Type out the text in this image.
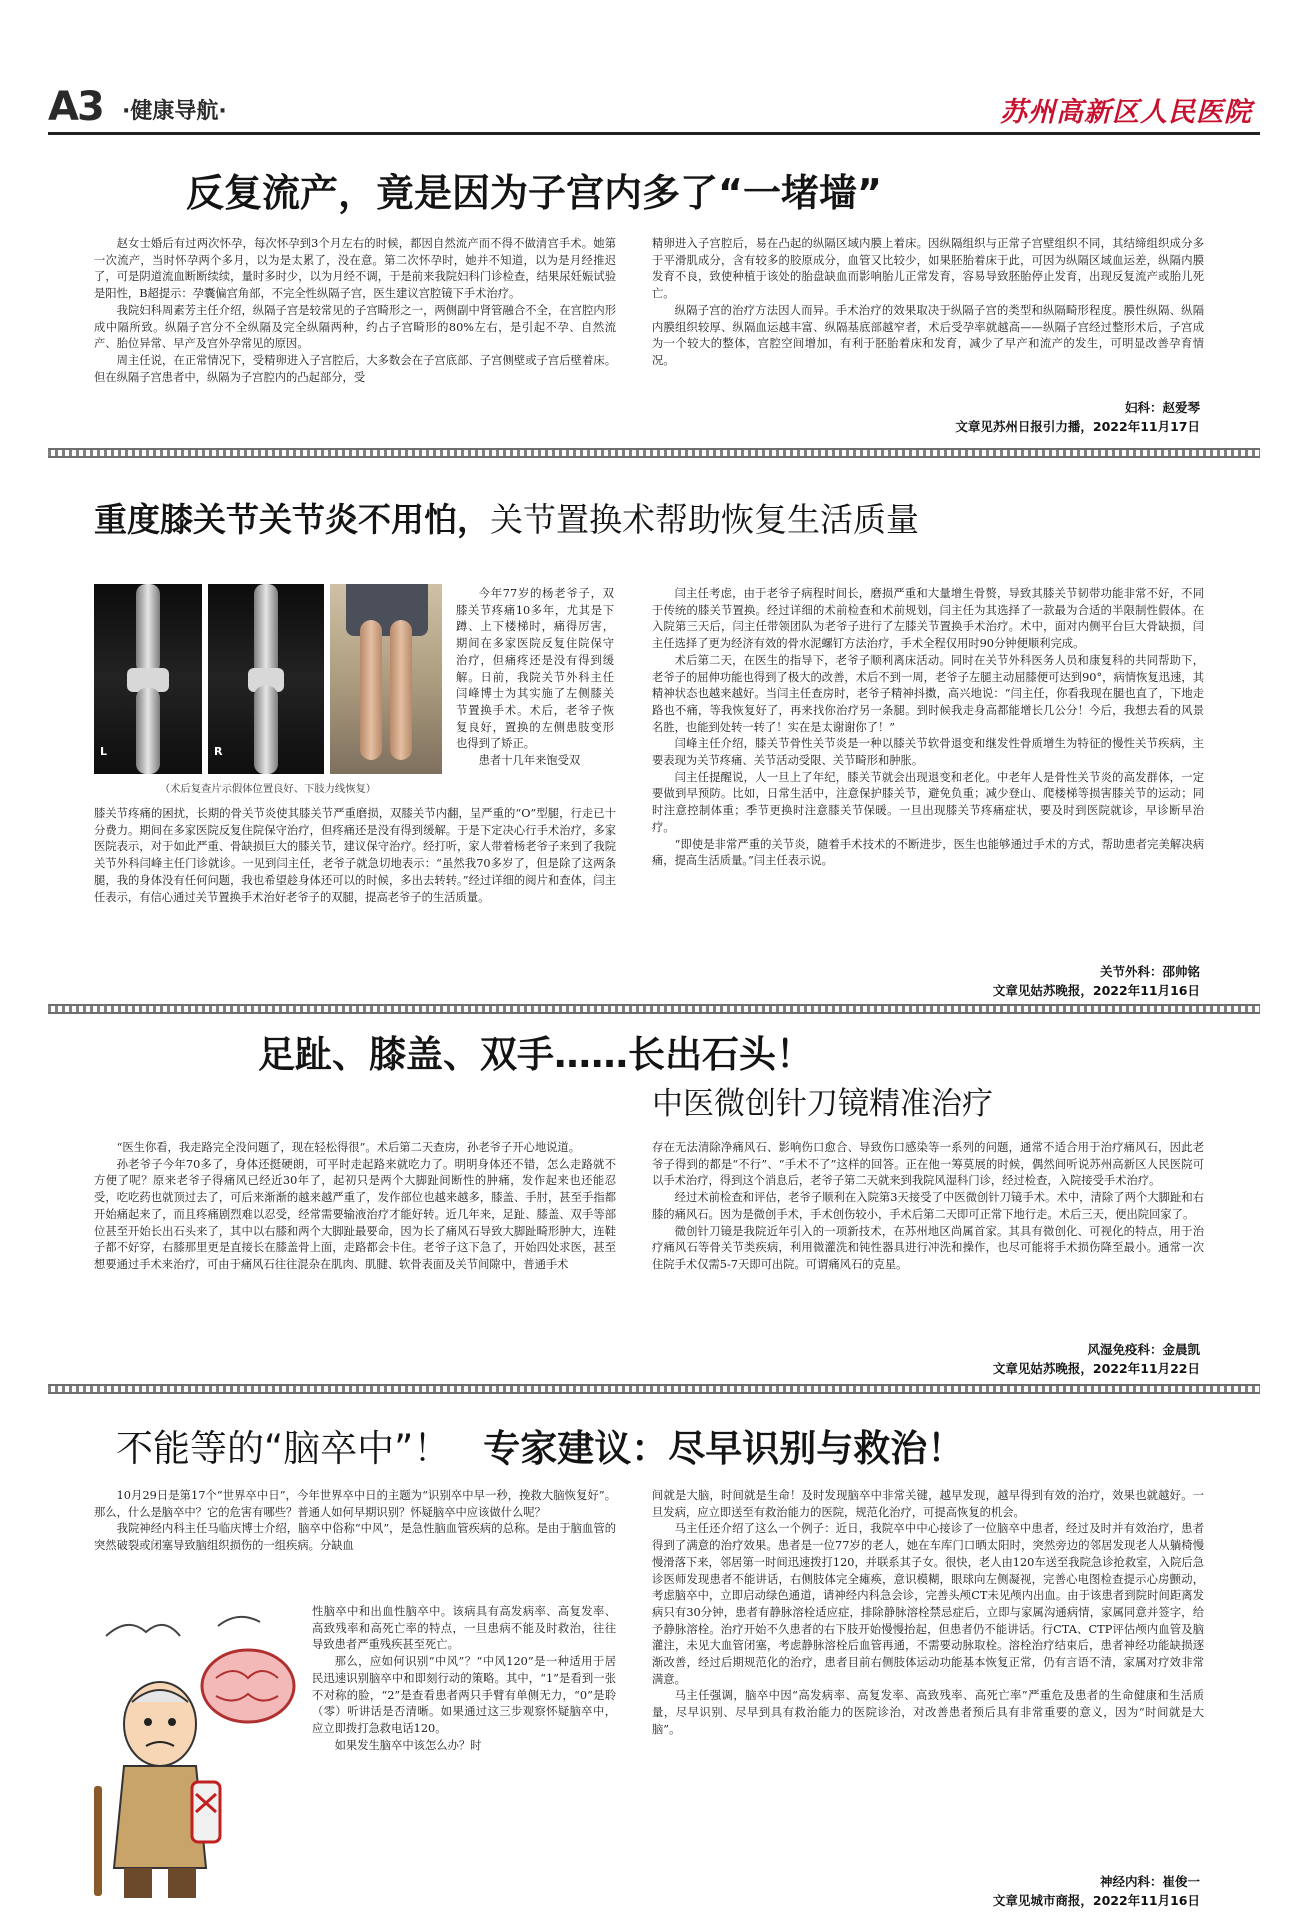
A3 ·健康导航·	苏州高新区人民医院
反复流产，竟是因为子宫内多了“一堵墙”

赵女士婚后有过两次怀孕，每次怀孕到3个月左右的时候，都因自然流产而不得不做清宫手术。她第一次流产，当时怀孕两个多月，以为是太累了，没在意。第二次怀孕时，她并不知道，以为是月经推迟了，可是阴道流血断断续续，量时多时少，以为月经不调，于是前来我院妇科门诊检查，结果尿妊娠试验是阳性，B超提示：孕囊偏宫角部，不完全性纵隔子宫，医生建议宫腔镜下手术治疗。

我院妇科周素芳主任介绍，纵隔子宫是较常见的子宫畸形之一，两侧副中肾管融合不全，在宫腔内形成中隔所致。纵隔子宫分不全纵隔及完全纵隔两种，约占子宫畸形的80%左右，是引起不孕、自然流产、胎位异常、早产及宫外孕常见的原因。

周主任说，在正常情况下，受精卵进入子宫腔后，大多数会在子宫底部、子宫侧壁或子宫后壁着床。但在纵隔子宫患者中，纵隔为子宫腔内的凸起部分，受

精卵进入子宫腔后，易在凸起的纵隔区域内膜上着床。因纵隔组织与正常子宫壁组织不同，其结缔组织成分多于平滑肌成分，含有较多的胶原成分，血管又比较少，如果胚胎着床于此，可因为纵隔区域血运差，纵隔内膜发育不良，致使种植于该处的胎盘缺血而影响胎儿正常发育，容易导致胚胎停止发育，出现反复流产或胎儿死亡。

纵隔子宫的治疗方法因人而异。手术治疗的效果取决于纵隔子宫的类型和纵隔畸形程度。膜性纵隔、纵隔内膜组织较厚、纵隔血运越丰富、纵隔基底部越窄者，术后受孕率就越高——纵隔子宫经过整形术后，子宫成为一个较大的整体，宫腔空间增加，有利于胚胎着床和发育，减少了早产和流产的发生，可明显改善孕育情况。

妇科：赵爱琴
文章见苏州日报引力播，2022年11月17日
重度膝关节关节炎不用怕，关节置换术帮助恢复生活质量
L	R
（术后复查片示假体位置良好、下肢力线恢复）

今年77岁的杨老爷子，双膝关节疼痛10多年，尤其是下蹲、上下楼梯时，痛得厉害，期间在多家医院反复住院保守治疗，但痛疼还是没有得到缓解。日前，我院关节外科主任闫峰博士为其实施了左侧膝关节置换手术。术后，老爷子恢复良好，置换的左侧患肢变形也得到了矫正。

患者十几年来饱受双

膝关节疼痛的困扰，长期的骨关节炎使其膝关节严重磨损，双膝关节内翻，呈严重的“O”型腿，行走已十分费力。期间在多家医院反复住院保守治疗，但疼痛还是没有得到缓解。于是下定决心行手术治疗，多家医院表示，对于如此严重、骨缺损巨大的膝关节，建议保守治疗。经打听，家人带着杨老爷子来到了我院关节外科闫峰主任门诊就诊。一见到闫主任，老爷子就急切地表示：“虽然我70多岁了，但是除了这两条腿，我的身体没有任何问题，我也希望趁身体还可以的时候，多出去转转。”经过详细的阅片和查体，闫主任表示，有信心通过关节置换手术治好老爷子的双腿，提高老爷子的生活质量。

闫主任考虑，由于老爷子病程时间长，磨损严重和大量增生骨赘，导致其膝关节韧带功能非常不好，不同于传统的膝关节置换。经过详细的术前检查和术前规划，闫主任为其选择了一款最为合适的半限制性假体。在入院第三天后，闫主任带领团队为老爷子进行了左膝关节置换手术治疗。术中，面对内侧平台巨大骨缺损，闫主任选择了更为经济有效的骨水泥螺钉方法治疗，手术全程仅用时90分钟便顺利完成。

术后第二天，在医生的指导下，老爷子顺利离床活动。同时在关节外科医务人员和康复科的共同帮助下，老爷子的屈伸功能也得到了极大的改善，术后不到一周，老爷子左腿主动屈膝便可达到90°，病情恢复迅速，其精神状态也越来越好。当闫主任查房时，老爷子精神抖擞，高兴地说：“闫主任，你看我现在腿也直了，下地走路也不痛，等我恢复好了，再来找你治疗另一条腿。到时候我走身高都能增长几公分！今后，我想去看的风景名胜，也能到处转一转了！实在是太谢谢你了！”

闫峰主任介绍，膝关节骨性关节炎是一种以膝关节软骨退变和继发性骨质增生为特征的慢性关节疾病，主要表现为关节疼痛、关节活动受限、关节畸形和肿胀。

闫主任提醒说，人一旦上了年纪，膝关节就会出现退变和老化。中老年人是骨性关节炎的高发群体，一定要做到早预防。比如，日常生活中，注意保护膝关节，避免负重；减少登山、爬楼梯等损害膝关节的运动；同时注意控制体重；季节更换时注意膝关节保暖。一旦出现膝关节疼痛症状，要及时到医院就诊，早诊断早治疗。

“即使是非常严重的关节炎，随着手术技术的不断进步，医生也能够通过手术的方式，帮助患者完美解决病痛，提高生活质量。”闫主任表示说。

关节外科：邵帅铭
文章见姑苏晚报，2022年11月16日
足趾、膝盖、双手……长出石头！
中医微创针刀镜精准治疗

“医生你看，我走路完全没问题了，现在轻松得很”。术后第二天查房，孙老爷子开心地说道。

孙老爷子今年70多了，身体还挺硬朗，可平时走起路来就吃力了。明明身体还不错，怎么走路就不方便了呢？原来老爷子得痛风已经近30年了，起初只是两个大脚趾间断性的肿痛，发作起来也还能忍受，吃吃药也就顶过去了，可后来渐渐的越来越严重了，发作部位也越来越多，膝盖、手肘，甚至手指都开始痛起来了，而且疼痛剧烈难以忍受，经常需要输液治疗才能好转。近几年来，足趾、膝盖、双手等部位甚至开始长出石头来了，其中以右膝和两个大脚趾最要命，因为长了痛风石导致大脚趾畸形肿大，连鞋子都不好穿，右膝那里更是直接长在膝盖骨上面，走路都会卡住。老爷子这下急了，开始四处求医，甚至想要通过手术来治疗，可由于痛风石往往混杂在肌肉、肌腱、软骨表面及关节间隙中，普通手术

存在无法清除净痛风石、影响伤口愈合、导致伤口感染等一系列的问题，通常不适合用于治疗痛风石，因此老爷子得到的都是“不行”、“手术不了”这样的回答。正在他一筹莫展的时候，偶然间听说苏州高新区人民医院可以手术治疗，得到这个消息后，老爷子第二天就来到我院风湿科门诊，经过检查，入院接受手术治疗。

经过术前检查和评估，老爷子顺利在入院第3天接受了中医微创针刀镜手术。术中，清除了两个大脚趾和右膝的痛风石。因为是微创手术，手术创伤较小，手术后第二天即可正常下地行走。术后三天，便出院回家了。

微创针刀镜是我院近年引入的一项新技术，在苏州地区尚属首家。其具有微创化、可视化的特点，用于治疗痛风石等骨关节类疾病，利用微灌洗和钝性器具进行冲洗和操作，也尽可能将手术损伤降至最小。通常一次住院手术仅需5-7天即可出院。可谓痛风石的克星。

风湿免疫科：金晨凯
文章见姑苏晚报，2022年11月22日
不能等的“脑卒中”！ 专家建议：尽早识别与救治！

10月29日是第17个“世界卒中日”，今年世界卒中日的主题为“识别卒中早一秒，挽救大脑恢复好”。那么，什么是脑卒中？它的危害有哪些？普通人如何早期识别？怀疑脑卒中应该做什么呢？

我院神经内科主任马临庆博士介绍，脑卒中俗称“中风”，是急性脑血管疾病的总称。是由于脑血管的突然破裂或闭塞导致脑组织损伤的一组疾病。分缺血

性脑卒中和出血性脑卒中。该病具有高发病率、高复发率、高致残率和高死亡率的特点，一旦患病不能及时救治，往往导致患者严重残疾甚至死亡。

那么，应如何识别“中风”？“中风120”是一种适用于居民迅速识别脑卒中和即刻行动的策略。其中，“1”是看到一张不对称的脸，“2”是查看患者两只手臂有单侧无力，“0”是聆（零）听讲话是否清晰。如果通过这三步观察怀疑脑卒中，应立即拨打急救电话120。

如果发生脑卒中该怎么办？时

间就是大脑，时间就是生命！及时发现脑卒中非常关键，越早发现，越早得到有效的治疗，效果也就越好。一旦发病，应立即送至有救治能力的医院，规范化治疗，可提高恢复的机会。

马主任还介绍了这么一个例子：近日，我院卒中中心接诊了一位脑卒中患者，经过及时并有效治疗，患者得到了满意的治疗效果。患者是一位77岁的老人，她在车库门口晒太阳时，突然旁边的邻居发现老人从躺椅慢慢滑落下来，邻居第一时间迅速拨打120，并联系其子女。很快，老人由120车送至我院急诊抢救室，入院后急诊医师发现患者不能讲话，右侧肢体完全瘫痪，意识模糊，眼球向左侧凝视，完善心电图检查提示心房颤动，考虑脑卒中，立即启动绿色通道，请神经内科急会诊，完善头颅CT未见颅内出血。由于该患者到院时间距离发病只有30分钟，患者有静脉溶栓适应症，排除静脉溶栓禁忌症后，立即与家属沟通病情，家属同意并签字，给予静脉溶栓。治疗开始不久患者的右下肢开始慢慢抬起，但患者仍不能讲话。行CTA、CTP评估颅内血管及脑灌注，未见大血管闭塞，考虑静脉溶栓后血管再通，不需要动脉取栓。溶栓治疗结束后，患者神经功能缺损逐渐改善，经过后期规范化的治疗，患者目前右侧肢体运动功能基本恢复正常，仍有言语不清，家属对疗效非常满意。

马主任强调，脑卒中因“高发病率、高复发率、高致残率、高死亡率”严重危及患者的生命健康和生活质量，尽早识别、尽早到具有救治能力的医院诊治，对改善患者预后具有非常重要的意义，因为“时间就是大脑”。

神经内科：崔俊一
文章见城市商报，2022年11月16日
